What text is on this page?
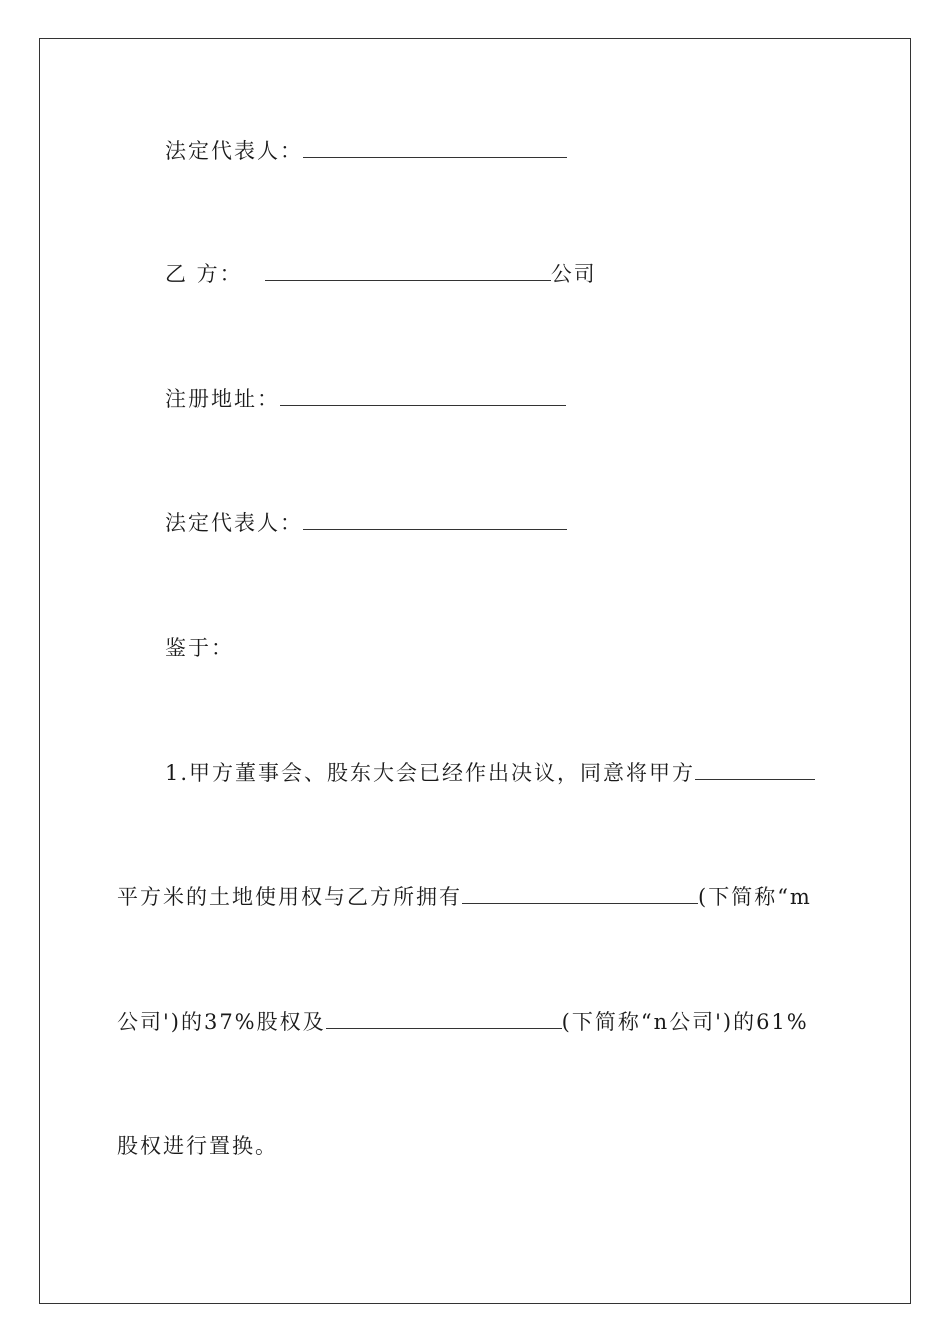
法定代表人：
乙 方：	公司
注册地址：
法定代表人：
鉴于：
1.甲方董事会、股东大会已经作出决议，同意将甲方
平方米的土地使用权与乙方所拥有	(下简称“m
公司')的37%股权及	(下简称“n公司')的61%
股权进行置换。
